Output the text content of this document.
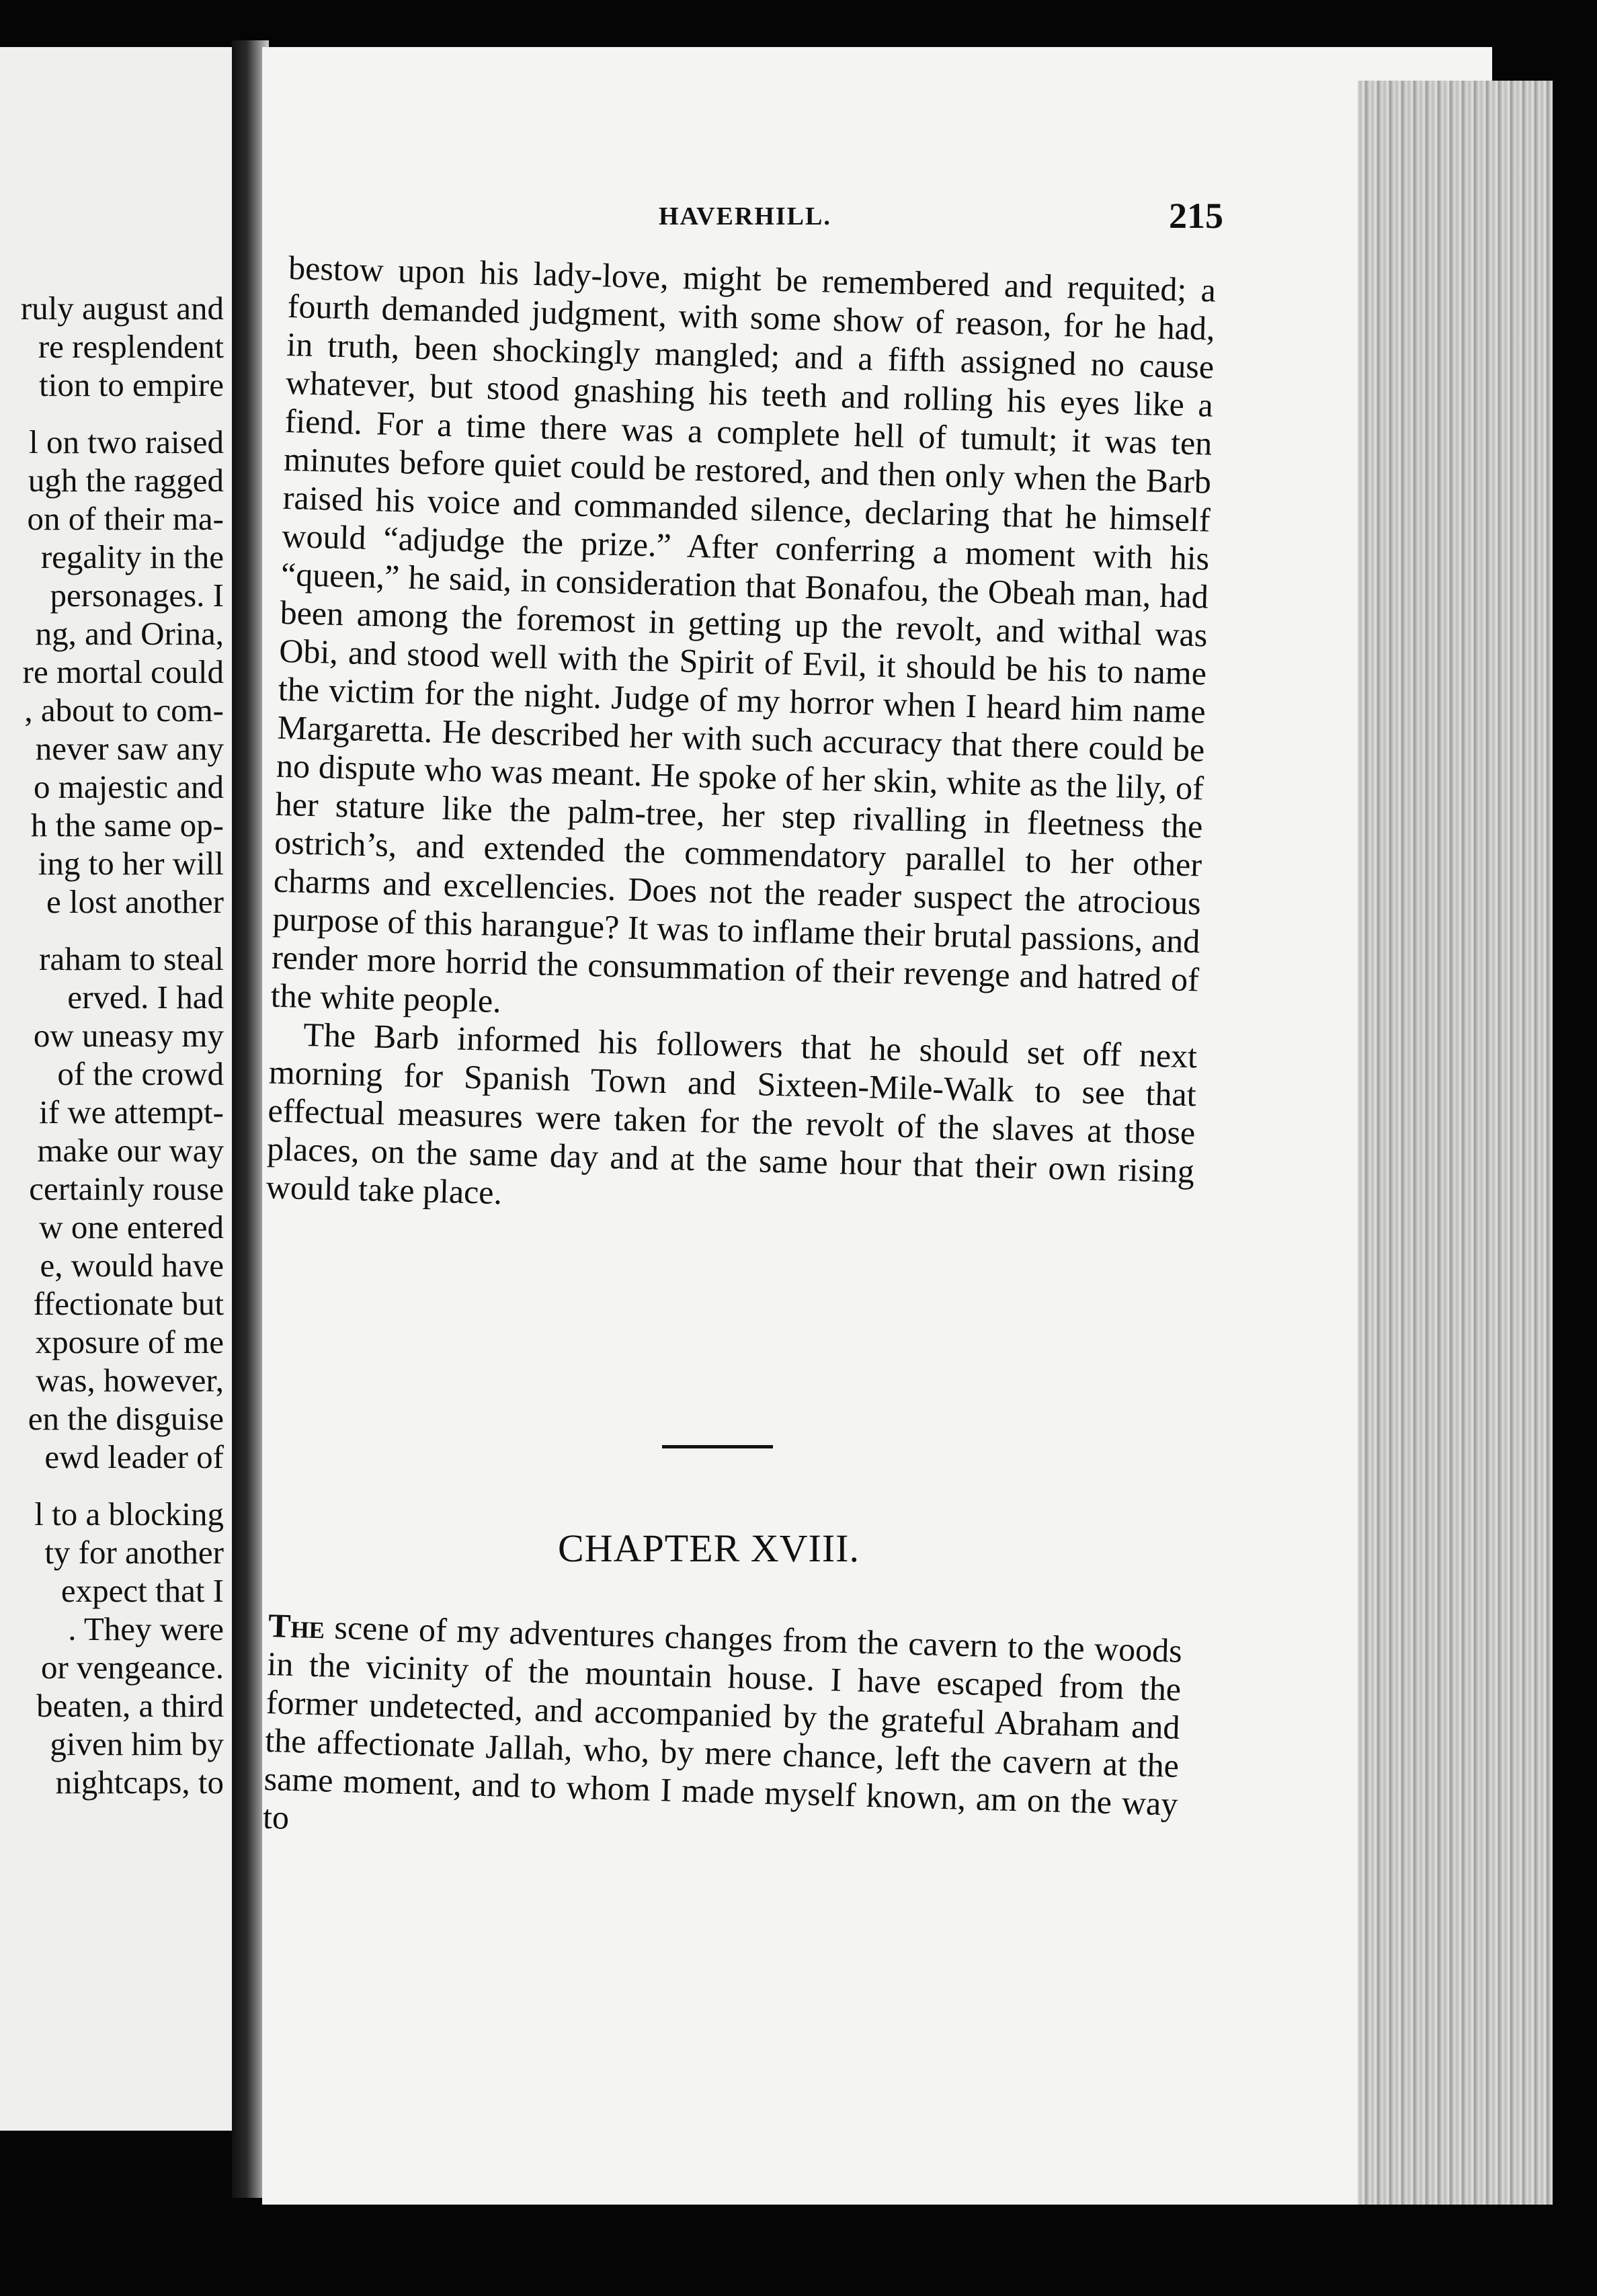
ruly august and
re resplendent
tion to empire
l on two raised
ugh the ragged
on of their ma-
regality in the
personages. I
ng, and Orina,
re mortal could
, about to com-
never saw any
o majestic and
h the same op-
ing to her will
e lost another
raham to steal
erved. I had
ow uneasy my
of the crowd
if we attempt-
make our way
certainly rouse
w one entered
e, would have
ffectionate but
xposure of me
was, however,
en the disguise
ewd leader of
l to a blocking
ty for another
expect that I
. They were
or vengeance.
beaten, a third
given him by
nightcaps, to
HAVERHILL.	215

bestow upon his lady-love, might be remembered and requited; a fourth demanded judgment, with some show of reason, for he had, in truth, been shockingly mangled; and a fifth assigned no cause whatever, but stood gnashing his teeth and rolling his eyes like a fiend. For a time there was a complete hell of tumult; it was ten minutes before quiet could be restored, and then only when the Barb raised his voice and commanded silence, declaring that he himself would “adjudge the prize.” After conferring a moment with his “queen,” he said, in consideration that Bonafou, the Obeah man, had been among the foremost in getting up the revolt, and withal was Obi, and stood well with the Spirit of Evil, it should be his to name the victim for the night. Judge of my horror when I heard him name Margaretta. He described her with such accuracy that there could be no dispute who was meant. He spoke of her skin, white as the lily, of her stature like the palm-tree, her step rivalling in fleetness the ostrich’s, and extended the commendatory parallel to her other charms and excellencies. Does not the reader suspect the atrocious purpose of this harangue? It was to inflame their brutal passions, and render more horrid the consummation of their revenge and hatred of the white people.

The Barb informed his followers that he should set off next morning for Spanish Town and Sixteen-Mile-Walk to see that effectual measures were taken for the revolt of the slaves at those places, on the same day and at the same hour that their own rising would take place.

CHAPTER XVIII.
The scene of my adventures changes from the cavern to the woods in the vicinity of the mountain house. I have escaped from the former undetected, and accompanied by the grateful Abraham and the affectionate Jallah, who, by mere chance, left the cavern at the same moment, and to whom I made myself known, am on the way to
